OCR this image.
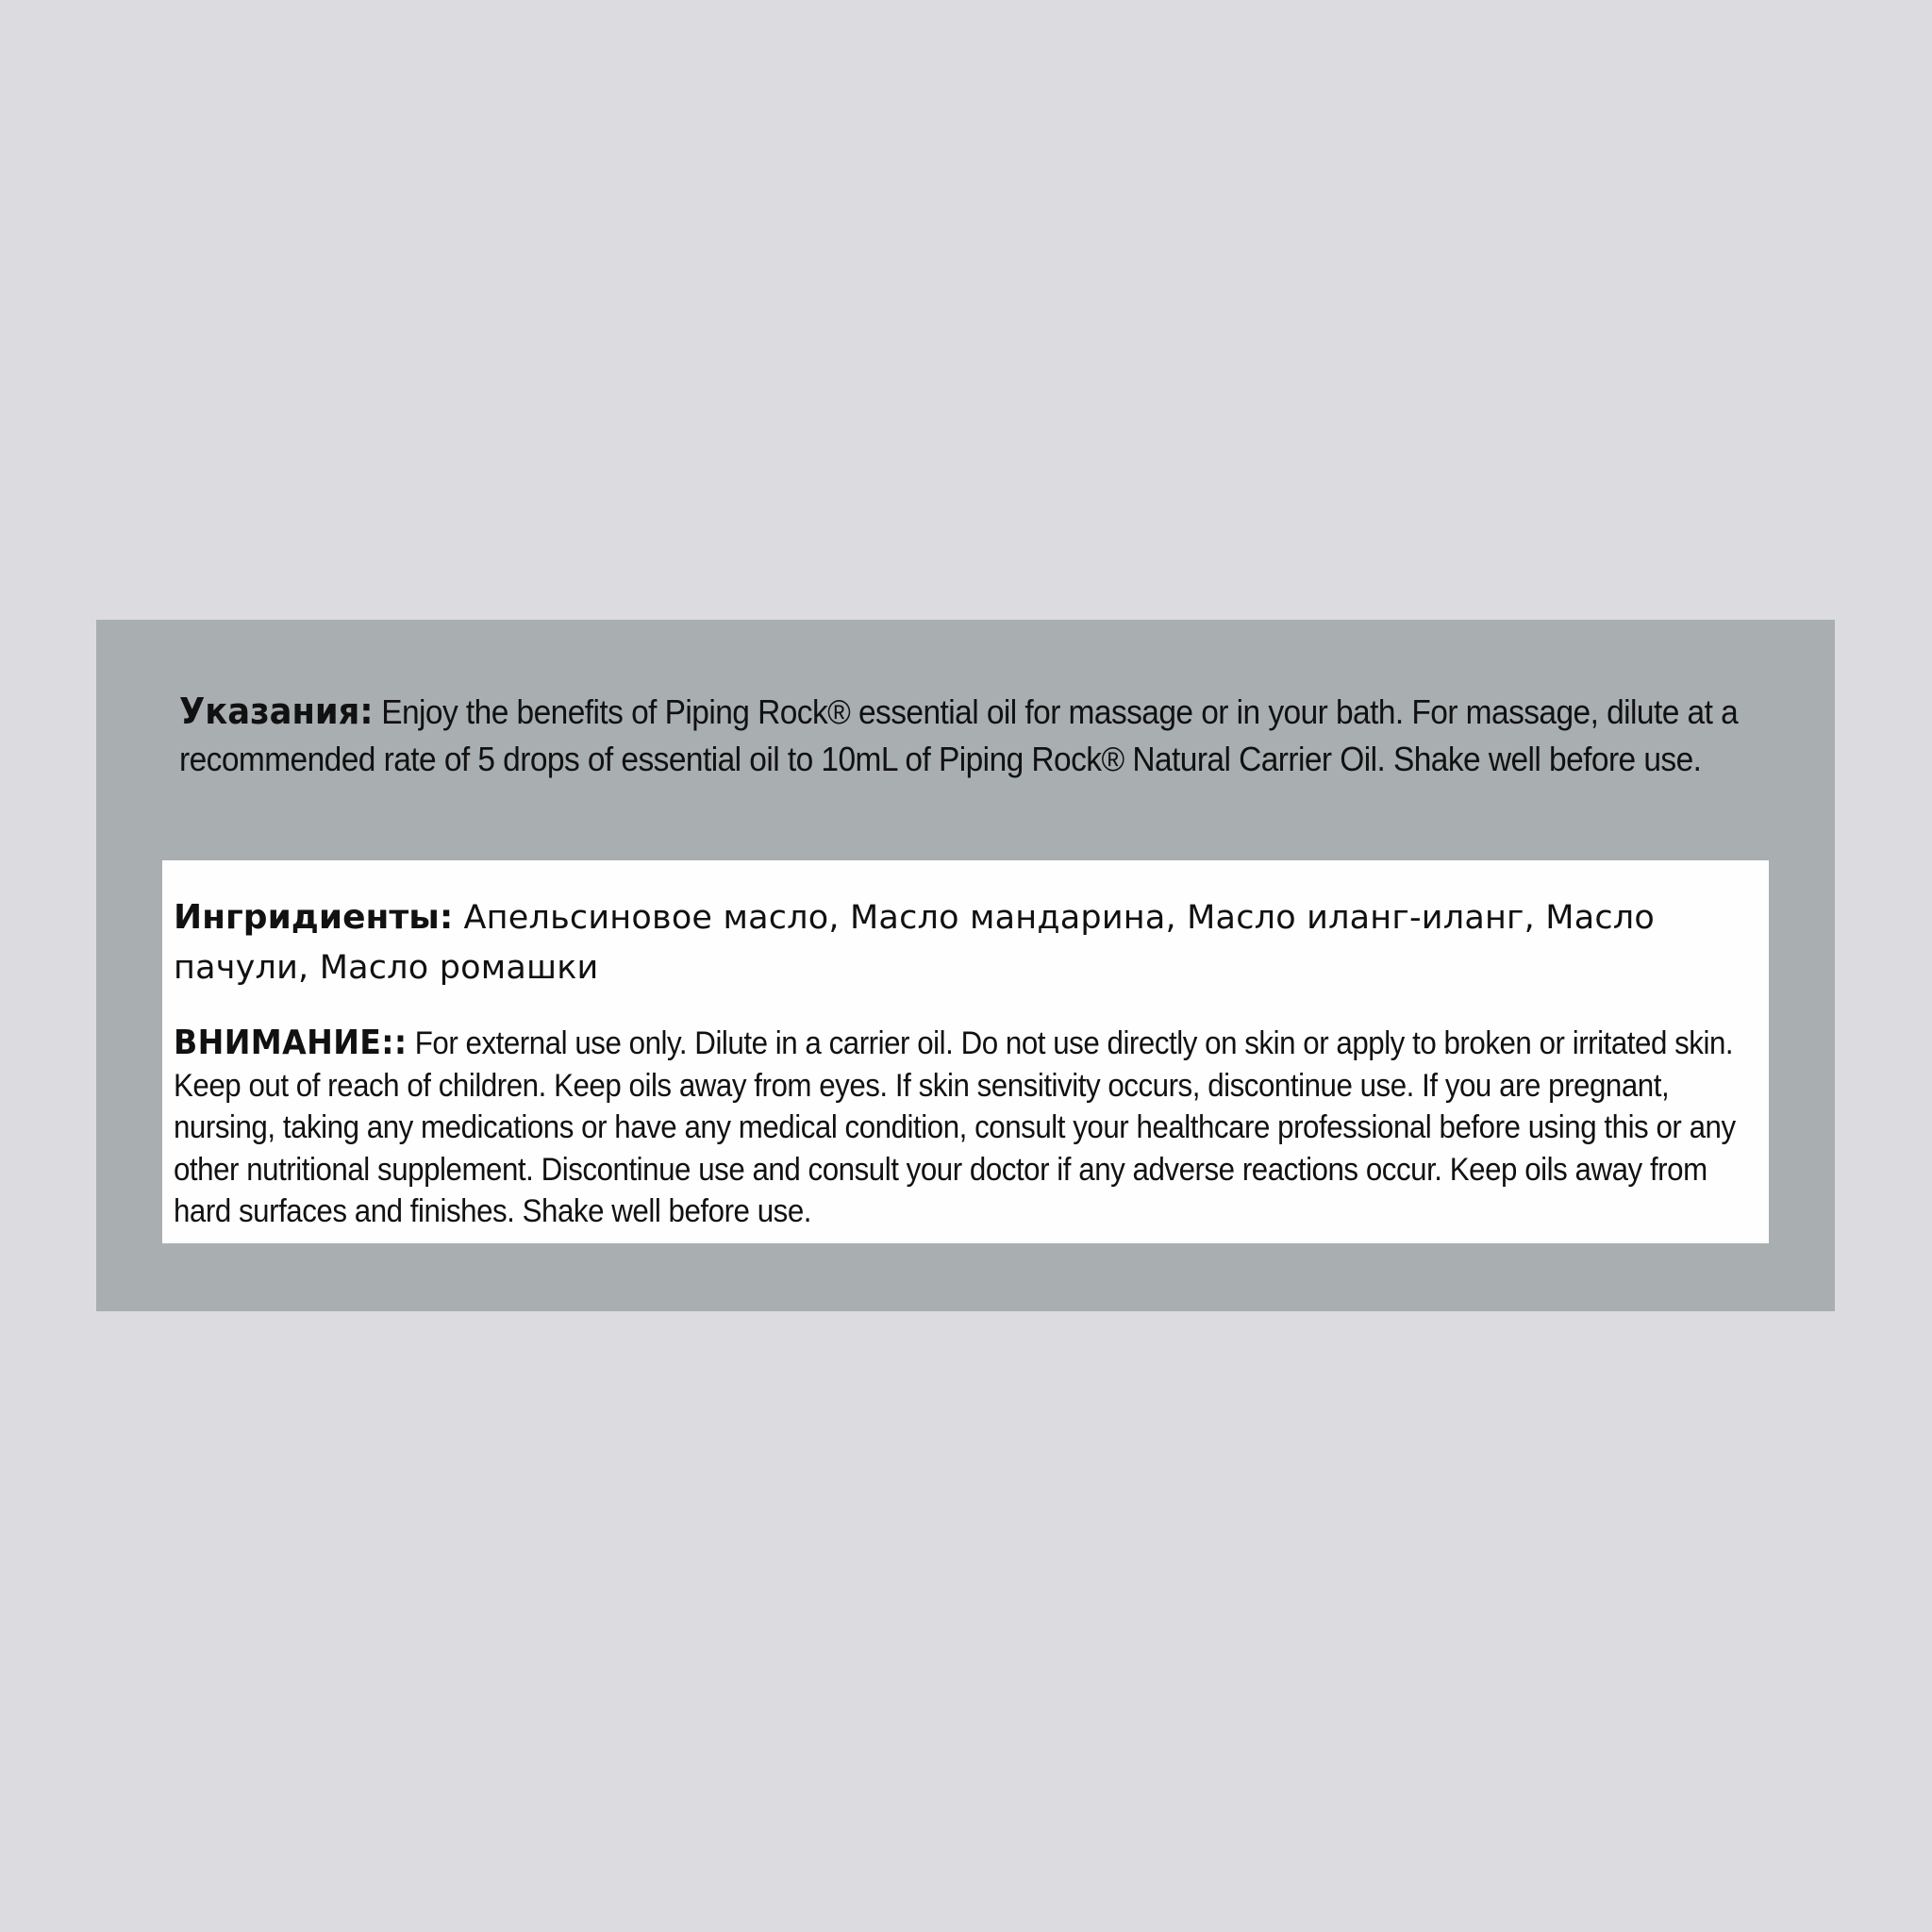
Указания: Enjoy the benefits of Piping Rock® essential oil for massage or in your bath. For massage, dilute at a recommended rate of 5 drops of essential oil to 10mL of Piping Rock® Natural Carrier Oil. Shake well before use.
Ингридиенты: Апельсиновое масло, Масло мандарина, Масло иланг-иланг, Масло пачули, Масло ромашки
ВНИМАНИЕ:: For external use only. Dilute in a carrier oil. Do not use directly on skin or apply to broken or irritated skin. Keep out of reach of children. Keep oils away from eyes. If skin sensitivity occurs, discontinue use. If you are pregnant, nursing, taking any medications or have any medical condition, consult your healthcare professional before using this or any other nutritional supplement. Discontinue use and consult your doctor if any adverse reactions occur. Keep oils away from hard surfaces and finishes. Shake well before use.
